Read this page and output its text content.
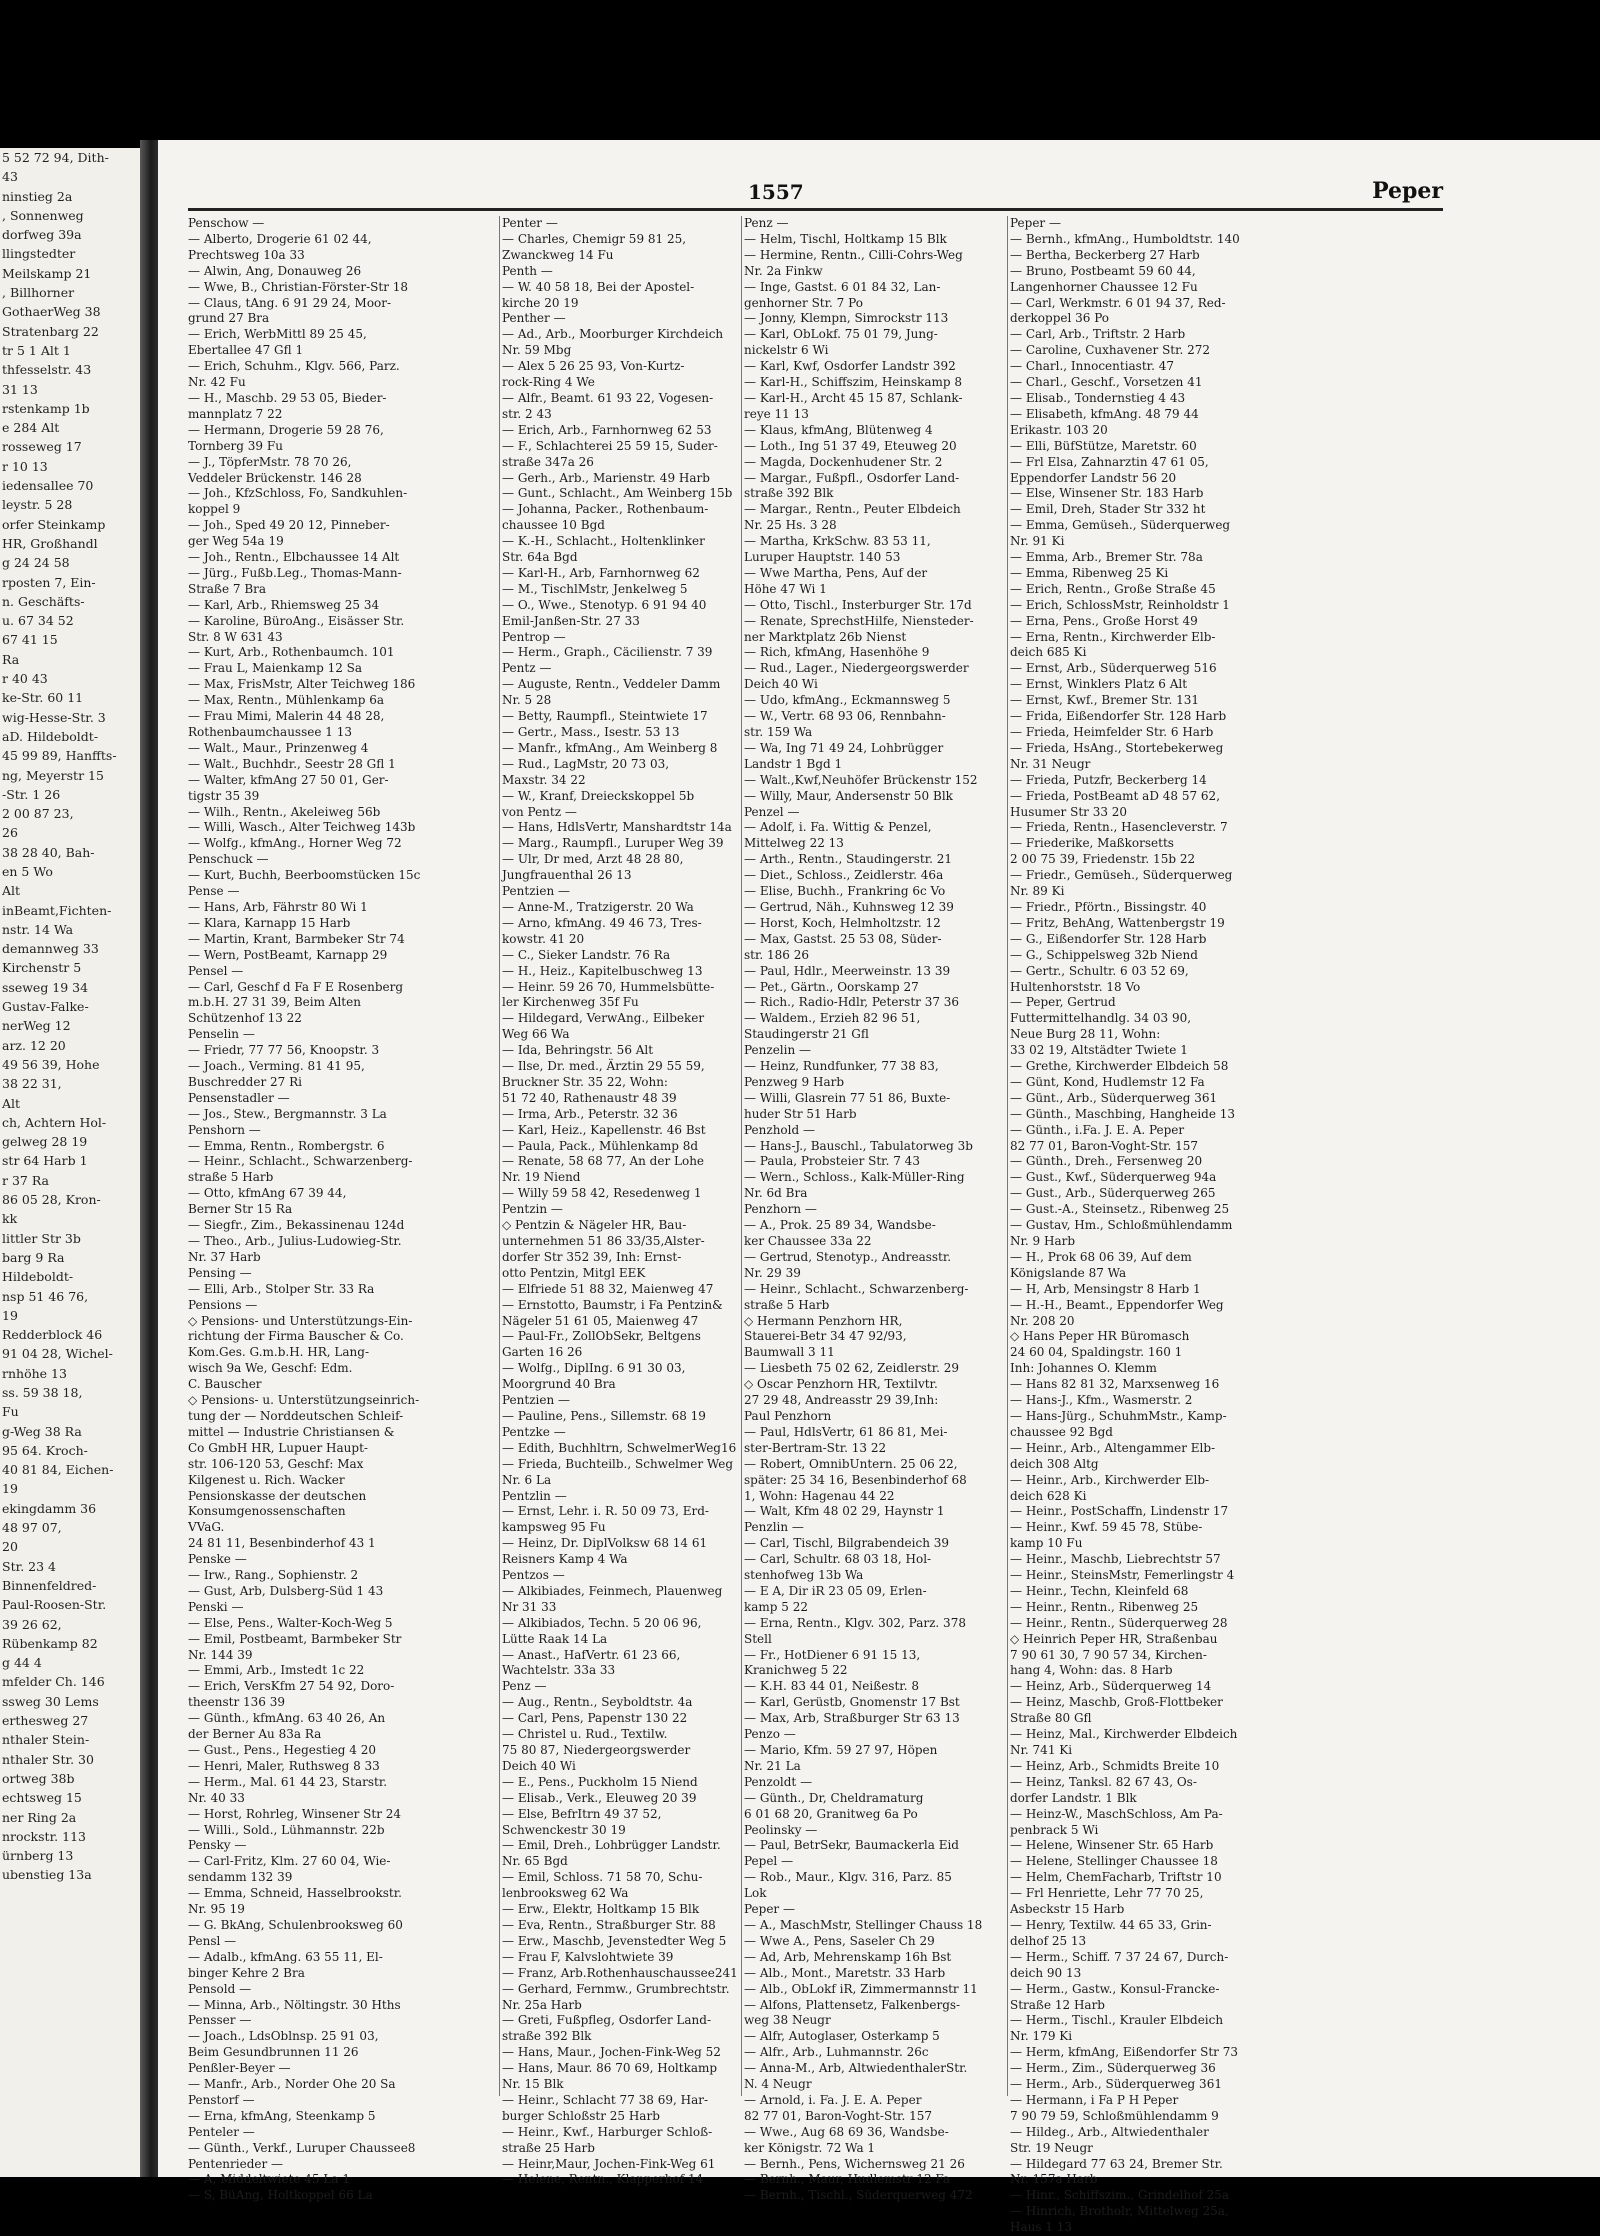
5 52 72 94, Dith-
43
ninstieg 2a
, Sonnenweg
dorfweg 39a
llingstedter
Meilskamp 21
, Billhorner
GothaerWeg 38
Stratenbarg 22
tr 5 1 Alt 1
thfesselstr. 43
31 13
rstenkamp 1b
e 284 Alt
rosseweg 17
r 10 13
iedensallee 70
leystr. 5 28
orfer Steinkamp
HR, Großhandl
g 24 24 58
rposten 7, Ein-
n. Geschäfts-
u. 67 34 52
67 41 15
Ra
r 40 43
ke-Str. 60 11
wig-Hesse-Str. 3
aD. Hildeboldt-
45 99 89, Hanffts-
ng, Meyerstr 15
-Str. 1 26
2 00 87 23,
26
38 28 40, Bah-
en 5 Wo
Alt
inBeamt,Fichten-
nstr. 14 Wa
demannweg 33
Kirchenstr 5
sseweg 19 34
Gustav-Falke-
nerWeg 12
arz. 12 20
49 56 39, Hohe
38 22 31,
Alt
ch, Achtern Hol-
gelweg 28 19
str 64 Harb 1
r 37 Ra
86 05 28, Kron-
kk
littler Str 3b
barg 9 Ra
Hildeboldt-
nsp 51 46 76,
19
Redderblock 46
91 04 28, Wichel-
rnhöhe 13
ss. 59 38 18,
Fu
g-Weg 38 Ra
95 64. Kroch-
40 81 84, Eichen-
19
ekingdamm 36
48 97 07,
20
Str. 23 4
Binnenfeldred-
Paul-Roosen-Str.
39 26 62,
Rübenkamp 82
g 44 4
mfelder Ch. 146
ssweg 30 Lems
erthesweg 27
nthaler Stein-
nthaler Str. 30
ortweg 38b
echtsweg 15
ner Ring 2a
nrockstr. 113
ürnberg 13
ubenstieg 13a
1557	Peper
Penschow —
— Alberto, Drogerie 61 02 44,
Prechtsweg 10a 33
— Alwin, Ang, Donauweg 26
— Wwe, B., Christian-Förster-Str 18
— Claus, tAng. 6 91 29 24, Moor-
grund 27 Bra
— Erich, WerbMittl 89 25 45,
Ebertallee 47 Gfl 1
— Erich, Schuhm., Klgv. 566, Parz.
Nr. 42 Fu
— H., Maschb. 29 53 05, Bieder-
mannplatz 7 22
— Hermann, Drogerie 59 28 76,
Tornberg 39 Fu
— J., TöpferMstr. 78 70 26,
Veddeler Brückenstr. 146 28
— Joh., KfzSchloss, Fo, Sandkuhlen-
koppel 9
— Joh., Sped 49 20 12, Pinneber-
ger Weg 54a 19
— Joh., Rentn., Elbchaussee 14 Alt
— Jürg., Fußb.Leg., Thomas-Mann-
Straße 7 Bra
— Karl, Arb., Rhiemsweg 25 34
— Karoline, BüroAng., Eisässer Str.
Str. 8 W 631 43
— Kurt, Arb., Rothenbaumch. 101
— Frau L, Maienkamp 12 Sa
— Max, FrisMstr, Alter Teichweg 186
— Max, Rentn., Mühlenkamp 6a
— Frau Mimi, Malerin 44 48 28,
Rothenbaumchaussee 1 13
— Walt., Maur., Prinzenweg 4
— Walt., Buchhdr., Seestr 28 Gfl 1
— Walter, kfmAng 27 50 01, Ger-
tigstr 35 39
— Wilh., Rentn., Akeleiweg 56b
— Willi, Wasch., Alter Teichweg 143b
— Wolfg., kfmAng., Horner Weg 72
Penschuck —
— Kurt, Buchh, Beerboomstücken 15c
Pense —
— Hans, Arb, Fährstr 80 Wi 1
— Klara, Karnapp 15 Harb
— Martin, Krant, Barmbeker Str 74
— Wern, PostBeamt, Karnapp 29
Pensel —
— Carl, Geschf d Fa F E Rosenberg
m.b.H. 27 31 39, Beim Alten
Schützenhof 13 22
Penselin —
— Friedr, 77 77 56, Knoopstr. 3
— Joach., Verming. 81 41 95,
Buschredder 27 Ri
Pensenstadler —
— Jos., Stew., Bergmannstr. 3 La
Penshorn —
— Emma, Rentn., Rombergstr. 6
— Heinr., Schlacht., Schwarzenberg-
straße 5 Harb
— Otto, kfmAng 67 39 44,
Berner Str 15 Ra
— Siegfr., Zim., Bekassinenau 124d
— Theo., Arb., Julius-Ludowieg-Str.
Nr. 37 Harb
Pensing —
— Elli, Arb., Stolper Str. 33 Ra
Pensions —
◇ Pensions- und Unterstützungs-Ein-
richtung der Firma Bauscher & Co.
Kom.Ges. G.m.b.H. HR, Lang-
wisch 9a We, Geschf: Edm.
C. Bauscher
◇ Pensions- u. Unterstützungseinrich-
tung der — Norddeutschen Schleif-
mittel — Industrie Christiansen &
Co GmbH HR, Lupuer Haupt-
str. 106-120 53, Geschf: Max
Kilgenest u. Rich. Wacker
Pensionskasse der deutschen
Konsumgenossenschaften
VVaG.
24 81 11, Besenbinderhof 43 1
Penske —
— Irw., Rang., Sophienstr. 2
— Gust, Arb, Dulsberg-Süd 1 43
Penski —
— Else, Pens., Walter-Koch-Weg 5
— Emil, Postbeamt, Barmbeker Str
Nr. 144 39
— Emmi, Arb., Imstedt 1c 22
— Erich, VersKfm 27 54 92, Doro-
theenstr 136 39
— Günth., kfmAng. 63 40 26, An
der Berner Au 83a Ra
— Gust., Pens., Hegestieg 4 20
— Henri, Maler, Ruthsweg 8 33
— Herm., Mal. 61 44 23, Starstr.
Nr. 40 33
— Horst, Rohrleg, Winsener Str 24
— Willi., Sold., Lühmannstr. 22b
Pensky —
— Carl-Fritz, Klm. 27 60 04, Wie-
sendamm 132 39
— Emma, Schneid, Hasselbrookstr.
Nr. 95 19
— G. BkAng, Schulenbrooksweg 60
Pensl —
— Adalb., kfmAng. 63 55 11, El-
binger Kehre 2 Bra
Pensold —
— Minna, Arb., Nöltingstr. 30 Hths
Pensser —
— Joach., LdsOblnsp. 25 91 03,
Beim Gesundbrunnen 11 26
Penßler-Beyer —
— Manfr., Arb., Norder Ohe 20 Sa
Penstorf —
— Erna, kfmAng, Steenkamp 5
Penteler —
— Günth., Verkf., Luruper Chaussee8
Pentenrieder —
— A, Middeltwiete 45 La 1
— S, BüAng, Holtkoppel 66 La
Penter —
— Charles, Chemigr 59 81 25,
Zwanckweg 14 Fu
Penth —
— W. 40 58 18, Bei der Apostel-
kirche 20 19
Penther —
— Ad., Arb., Moorburger Kirchdeich
Nr. 59 Mbg
— Alex 5 26 25 93, Von-Kurtz-
rock-Ring 4 We
— Alfr., Beamt. 61 93 22, Vogesen-
str. 2 43
— Erich, Arb., Farnhornweg 62 53
— F., Schlachterei 25 59 15, Suder-
straße 347a 26
— Gerh., Arb., Marienstr. 49 Harb
— Gunt., Schlacht., Am Weinberg 15b
— Johanna, Packer., Rothenbaum-
chaussee 10 Bgd
— K.-H., Schlacht., Holtenklinker
Str. 64a Bgd
— Karl-H., Arb, Farnhornweg 62
— M., TischlMstr, Jenkelweg 5
— O., Wwe., Stenotyp. 6 91 94 40
Emil-Janßen-Str. 27 33
Pentrop —
— Herm., Graph., Cäcilienstr. 7 39
Pentz —
— Auguste, Rentn., Veddeler Damm
Nr. 5 28
— Betty, Raumpfl., Steintwiete 17
— Gertr., Mass., Isestr. 53 13
— Manfr., kfmAng., Am Weinberg 8
— Rud., LagMstr, 20 73 03,
Maxstr. 34 22
— W., Kranf, Dreieckskoppel 5b
von Pentz —
— Hans, HdlsVertr, Manshardtstr 14a
— Marg., Raumpfl., Luruper Weg 39
— Ulr, Dr med, Arzt 48 28 80,
Jungfrauenthal 26 13
Pentzien —
— Anne-M., Tratzigerstr. 20 Wa
— Arno, kfmAng. 49 46 73, Tres-
kowstr. 41 20
— C., Sieker Landstr. 76 Ra
— H., Heiz., Kapitelbuschweg 13
— Heinr. 59 26 70, Hummelsbütte-
ler Kirchenweg 35f Fu
— Hildegard, VerwAng., Eilbeker
Weg 66 Wa
— Ida, Behringstr. 56 Alt
— Ilse, Dr. med., Ärztin 29 55 59,
Bruckner Str. 35 22, Wohn:
51 72 40, Rathenaustr 48 39
— Irma, Arb., Peterstr. 32 36
— Karl, Heiz., Kapellenstr. 46 Bst
— Paula, Pack., Mühlenkamp 8d
— Renate, 58 68 77, An der Lohe
Nr. 19 Niend
— Willy 59 58 42, Resedenweg 1
Pentzin —
◇ Pentzin & Nägeler HR, Bau-
unternehmen 51 86 33/35,Alster-
dorfer Str 352 39, Inh: Ernst-
otto Pentzin, Mitgl EEK
— Elfriede 51 88 32, Maienweg 47
— Ernstotto, Baumstr, i Fa Pentzin&
Nägeler 51 61 05, Maienweg 47
— Paul-Fr., ZollObSekr, Beltgens
Garten 16 26
— Wolfg., DiplIng. 6 91 30 03,
Moorgrund 40 Bra
Pentzien —
— Pauline, Pens., Sillemstr. 68 19
Pentzke —
— Edith, Buchhltrn, SchwelmerWeg16
— Frieda, Buchteilb., Schwelmer Weg
Nr. 6 La
Pentzlin —
— Ernst, Lehr. i. R. 50 09 73, Erd-
kampsweg 95 Fu
— Heinz, Dr. DiplVolksw 68 14 61
Reisners Kamp 4 Wa
Pentzos —
— Alkibiades, Feinmech, Plauenweg
Nr 31 33
— Alkibiados, Techn. 5 20 06 96,
Lütte Raak 14 La
— Anast., HafVertr. 61 23 66,
Wachtelstr. 33a 33
Penz —
— Aug., Rentn., Seyboldtstr. 4a
— Carl, Pens, Papenstr 130 22
— Christel u. Rud., Textilw.
75 80 87, Niedergeorgswerder
Deich 40 Wi
— E., Pens., Puckholm 15 Niend
— Elisab., Verk., Eleuweg 20 39
— Else, BefrItrn 49 37 52,
Schwenckestr 30 19
— Emil, Dreh., Lohbrügger Landstr.
Nr. 65 Bgd
— Emil, Schloss. 71 58 70, Schu-
lenbrooksweg 62 Wa
— Erw., Elektr, Holtkamp 15 Blk
— Eva, Rentn., Straßburger Str. 88
— Erw., Maschb, Jevenstedter Weg 5
— Frau F, Kalvslohtwiete 39
— Franz, Arb.Rothenhauschaussee241
— Gerhard, Fernmw., Grumbrechtstr.
Nr. 25a Harb
— Greti, Fußpfleg, Osdorfer Land-
straße 392 Blk
— Hans, Maur., Jochen-Fink-Weg 52
— Hans, Maur. 86 70 69, Holtkamp
Nr. 15 Blk
— Heinr., Schlacht 77 38 69, Har-
burger Schloßstr 25 Harb
— Heinr., Kwf., Harburger Schloß-
straße 25 Harb
— Heinr,Maur, Jochen-Fink-Weg 61
— Helene, Rentn., Klapperhof 14
Penz —
— Helm, Tischl, Holtkamp 15 Blk
— Hermine, Rentn., Cilli-Cohrs-Weg
Nr. 2a Finkw
— Inge, Gastst. 6 01 84 32, Lan-
genhorner Str. 7 Po
— Jonny, Klempn, Simrockstr 113
— Karl, ObLokf. 75 01 79, Jung-
nickelstr 6 Wi
— Karl, Kwf, Osdorfer Landstr 392
— Karl-H., Schiffszim, Heinskamp 8
— Karl-H., Archt 45 15 87, Schlank-
reye 11 13
— Klaus, kfmAng, Blütenweg 4
— Loth., Ing 51 37 49, Eteuweg 20
— Magda, Dockenhudener Str. 2
— Margar., Fußpfl., Osdorfer Land-
straße 392 Blk
— Margar., Rentn., Peuter Elbdeich
Nr. 25 Hs. 3 28
— Martha, KrkSchw. 83 53 11,
Luruper Hauptstr. 140 53
— Wwe Martha, Pens, Auf der
Höhe 47 Wi 1
— Otto, Tischl., Insterburger Str. 17d
— Renate, SprechstHilfe, Niensteder-
ner Marktplatz 26b Nienst
— Rich, kfmAng, Hasenhöhe 9
— Rud., Lager., Niedergeorgswerder
Deich 40 Wi
— Udo, kfmAng., Eckmannsweg 5
— W., Vertr. 68 93 06, Rennbahn-
str. 159 Wa
— Wa, Ing 71 49 24, Lohbrügger
Landstr 1 Bgd 1
— Walt.,Kwf,Neuhöfer Brückenstr 152
— Willy, Maur, Andersenstr 50 Blk
Penzel —
— Adolf, i. Fa. Wittig & Penzel,
Mittelweg 22 13
— Arth., Rentn., Staudingerstr. 21
— Diet., Schloss., Zeidlerstr. 46a
— Elise, Buchh., Frankring 6c Vo
— Gertrud, Näh., Kuhnsweg 12 39
— Horst, Koch, Helmholtzstr. 12
— Max, Gastst. 25 53 08, Süder-
str. 186 26
— Paul, Hdlr., Meerweinstr. 13 39
— Pet., Gärtn., Oorskamp 27
— Rich., Radio-Hdlr, Peterstr 37 36
— Waldem., Erzieh 82 96 51,
Staudingerstr 21 Gfl
Penzelin —
— Heinz, Rundfunker, 77 38 83,
Penzweg 9 Harb
— Willi, Glasrein 77 51 86, Buxte-
huder Str 51 Harb
Penzhold —
— Hans-J., Bauschl., Tabulatorweg 3b
— Paula, Probsteier Str. 7 43
— Wern., Schloss., Kalk-Müller-Ring
Nr. 6d Bra
Penzhorn —
— A., Prok. 25 89 34, Wandsbe-
ker Chaussee 33a 22
— Gertrud, Stenotyp., Andreasstr.
Nr. 29 39
— Heinr., Schlacht., Schwarzenberg-
straße 5 Harb
◇ Hermann Penzhorn HR,
Stauerei-Betr 34 47 92/93,
Baumwall 3 11
— Liesbeth 75 02 62, Zeidlerstr. 29
◇ Oscar Penzhorn HR, Textilvtr.
27 29 48, Andreasstr 29 39,Inh:
Paul Penzhorn
— Paul, HdlsVertr, 61 86 81, Mei-
ster-Bertram-Str. 13 22
— Robert, OmnibUntern. 25 06 22,
später: 25 34 16, Besenbinderhof 68
1, Wohn: Hagenau 44 22
— Walt, Kfm 48 02 29, Haynstr 1
Penzlin —
— Carl, Tischl, Bilgrabendeich 39
— Carl, Schultr. 68 03 18, Hol-
stenhofweg 13b Wa
— E A, Dir iR 23 05 09, Erlen-
kamp 5 22
— Erna, Rentn., Klgv. 302, Parz. 378
Stell
— Fr., HotDiener 6 91 15 13,
Kranichweg 5 22
— K.H. 83 44 01, Neißestr. 8
— Karl, Gerüstb, Gnomenstr 17 Bst
— Max, Arb, Straßburger Str 63 13
Penzo —
— Mario, Kfm. 59 27 97, Höpen
Nr. 21 La
Penzoldt —
— Günth., Dr, Cheldramaturg
6 01 68 20, Granitweg 6a Po
Peolinsky —
— Paul, BetrSekr, Baumackerla Eid
Pepel —
— Rob., Maur., Klgv. 316, Parz. 85
Lok
Peper —
— A., MaschMstr, Stellinger Chauss 18
— Wwe A., Pens, Saseler Ch 29
— Ad, Arb, Mehrenskamp 16h Bst
— Alb., Mont., Maretstr. 33 Harb
— Alb., ObLokf iR, Zimmermannstr 11
— Alfons, Plattensetz, Falkenbergs-
weg 38 Neugr
— Alfr, Autoglaser, Osterkamp 5
— Alfr., Arb., Luhmannstr. 26c
— Anna-M., Arb, AltwiedenthalerStr.
N. 4 Neugr
— Arnold, i. Fa. J. E. A. Peper
82 77 01, Baron-Voght-Str. 157
— Wwe., Aug 68 69 36, Wandsbe-
ker Königstr. 72 Wa 1
— Bernh., Pens, Wichernsweg 21 26
— Bernh., Maur, Hudlemstr 12 Fa
— Bernh., Tischl., Süderquerweg 472
Peper —
— Bernh., kfmAng., Humboldtstr. 140
— Bertha, Beckerberg 27 Harb
— Bruno, Postbeamt 59 60 44,
Langenhorner Chaussee 12 Fu
— Carl, Werkmstr. 6 01 94 37, Red-
derkoppel 36 Po
— Carl, Arb., Triftstr. 2 Harb
— Caroline, Cuxhavener Str. 272
— Charl., Innocentiastr. 47
— Charl., Geschf., Vorsetzen 41
— Elisab., Tondernstieg 4 43
— Elisabeth, kfmAng. 48 79 44
Erikastr. 103 20
— Elli, BüfStütze, Maretstr. 60
— Frl Elsa, Zahnarztin 47 61 05,
Eppendorfer Landstr 56 20
— Else, Winsener Str. 183 Harb
— Emil, Dreh, Stader Str 332 ht
— Emma, Gemüseh., Süderquerweg
Nr. 91 Ki
— Emma, Arb., Bremer Str. 78a
— Emma, Ribenweg 25 Ki
— Erich, Rentn., Große Straße 45
— Erich, SchlossMstr, Reinholdstr 1
— Erna, Pens., Große Horst 49
— Erna, Rentn., Kirchwerder Elb-
deich 685 Ki
— Ernst, Arb., Süderquerweg 516
— Ernst, Winklers Platz 6 Alt
— Ernst, Kwf., Bremer Str. 131
— Frida, Eißendorfer Str. 128 Harb
— Frieda, Heimfelder Str. 6 Harb
— Frieda, HsAng., Stortebekerweg
Nr. 31 Neugr
— Frieda, Putzfr, Beckerberg 14
— Frieda, PostBeamt aD 48 57 62,
Husumer Str 33 20
— Frieda, Rentn., Hasencleverstr. 7
— Friederike, Maßkorsetts
2 00 75 39, Friedenstr. 15b 22
— Friedr., Gemüseh., Süderquerweg
Nr. 89 Ki
— Friedr., Pförtn., Bissingstr. 40
— Fritz, BehAng, Wattenbergstr 19
— G., Eißendorfer Str. 128 Harb
— G., Schippelsweg 32b Niend
— Gertr., Schultr. 6 03 52 69,
Hultenhorststr. 18 Vo
— Peper, Gertrud
Futtermittelhandlg. 34 03 90,
Neue Burg 28 11, Wohn:
33 02 19, Altstädter Twiete 1
— Grethe, Kirchwerder Elbdeich 58
— Günt, Kond, Hudlemstr 12 Fa
— Günt., Arb., Süderquerweg 361
— Günth., Maschbing, Hangheide 13
— Günth., i.Fa. J. E. A. Peper
82 77 01, Baron-Voght-Str. 157
— Günth., Dreh., Fersenweg 20
— Gust., Kwf., Süderquerweg 94a
— Gust., Arb., Süderquerweg 265
— Gust.-A., Steinsetz., Ribenweg 25
— Gustav, Hm., Schloßmühlendamm
Nr. 9 Harb
— H., Prok 68 06 39, Auf dem
Königslande 87 Wa
— H, Arb, Mensingstr 8 Harb 1
— H.-H., Beamt., Eppendorfer Weg
Nr. 208 20
◇ Hans Peper HR Büromasch
24 60 04, Spaldingstr. 160 1
Inh: Johannes O. Klemm
— Hans 82 81 32, Marxsenweg 16
— Hans-J., Kfm., Wasmerstr. 2
— Hans-Jürg., SchuhmMstr., Kamp-
chaussee 92 Bgd
— Heinr., Arb., Altengammer Elb-
deich 308 Altg
— Heinr., Arb., Kirchwerder Elb-
deich 628 Ki
— Heinr., PostSchaffn, Lindenstr 17
— Heinr., Kwf. 59 45 78, Stübe-
kamp 10 Fu
— Heinr., Maschb, Liebrechtstr 57
— Heinr., SteinsMstr, Femerlingstr 4
— Heinr., Techn, Kleinfeld 68
— Heinr., Rentn., Ribenweg 25
— Heinr., Rentn., Süderquerweg 28
◇ Heinrich Peper HR, Straßenbau
7 90 61 30, 7 90 57 34, Kirchen-
hang 4, Wohn: das. 8 Harb
— Heinz, Arb., Süderquerweg 14
— Heinz, Maschb, Groß-Flottbeker
Straße 80 Gfl
— Heinz, Mal., Kirchwerder Elbdeich
Nr. 741 Ki
— Heinz, Arb., Schmidts Breite 10
— Heinz, Tanksl. 82 67 43, Os-
dorfer Landstr. 1 Blk
— Heinz-W., MaschSchloss, Am Pa-
penbrack 5 Wi
— Helene, Winsener Str. 65 Harb
— Helene, Stellinger Chaussee 18
— Helm, ChemFacharb, Triftstr 10
— Frl Henriette, Lehr 77 70 25,
Asbeckstr 15 Harb
— Henry, Textilw. 44 65 33, Grin-
delhof 25 13
— Herm., Schiff. 7 37 24 67, Durch-
deich 90 13
— Herm., Gastw., Konsul-Francke-
Straße 12 Harb
— Herm., Tischl., Krauler Elbdeich
Nr. 179 Ki
— Herm, kfmAng, Eißendorfer Str 73
— Herm., Zim., Süderquerweg 36
— Herm., Arb., Süderquerweg 361
— Hermann, i Fa P H Peper
7 90 79 59, Schloßmühlendamm 9
— Hildeg., Arb., Altwiedenthaler
Str. 19 Neugr
— Hildegard 77 63 24, Bremer Str.
Nr. 157a Harb
— Hinr., Schiffszim., Grindelhof 25a
— Hinrich, Brotholr, Mittelweg 25a,
Haus 1 13
